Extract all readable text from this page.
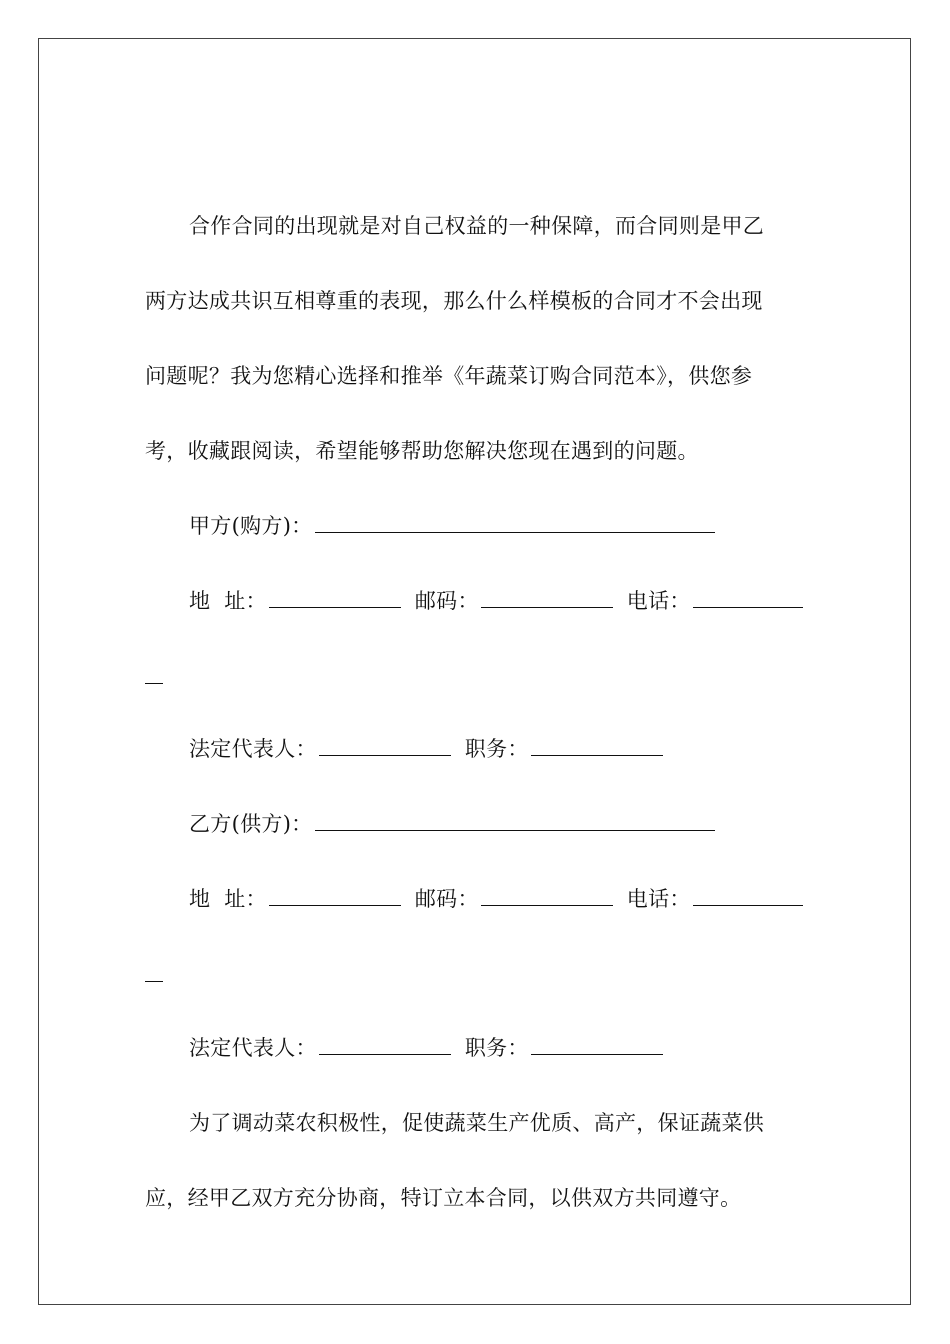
合作合同的出现就是对自己权益的一种保障，而合同则是甲乙
两方达成共识互相尊重的表现，那么什么样模板的合同才不会出现
问题呢？我为您精心选择和推举《年蔬菜订购合同范本》，供您参
考，收藏跟阅读，希望能够帮助您解决您现在遇到的问题。
甲方(购方)：
地  址：	邮码：	电话：
法定代表人：	职务：
乙方(供方)：
地  址：	邮码：	电话：
法定代表人：	职务：
为了调动菜农积极性，促使蔬菜生产优质、高产，保证蔬菜供
应，经甲乙双方充分协商，特订立本合同，以供双方共同遵守。
